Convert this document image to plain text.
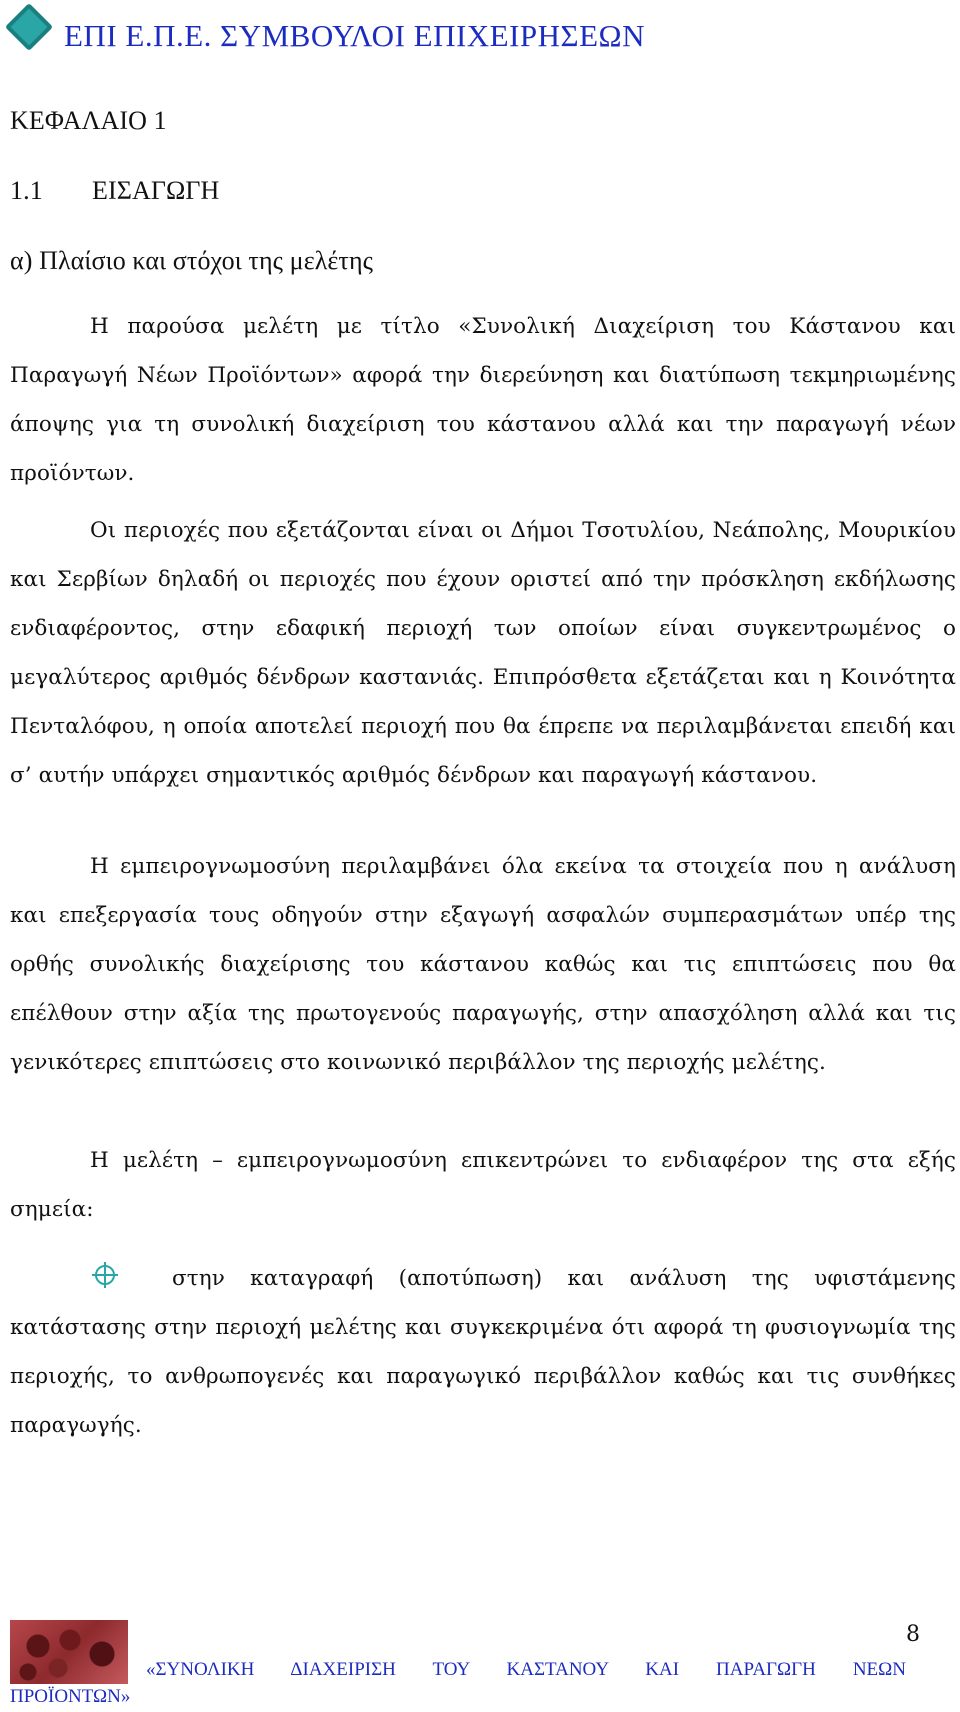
ΕΠΙ Ε.Π.Ε. ΣΥΜΒΟΥΛΟΙ ΕΠΙΧΕΙΡΗΣΕΩΝ
ΚΕΦΑΛΑΙΟ 1
1.1 ΕΙΣΑΓΩΓΗ
α) Πλαίσιο και στόχοι της μελέτης
Η παρούσα μελέτη με τίτλο «Συνολική Διαχείριση του Κάστανου και Παραγωγή Νέων Προϊόντων» αφορά την διερεύνηση και διατύπωση τεκμηριωμένης άποψης για τη συνολική διαχείριση του κάστανου αλλά και την παραγωγή νέων προϊόντων.
Οι περιοχές που εξετάζονται είναι οι Δήμοι Τσοτυλίου, Νεάπολης, Μουρικίου και Σερβίων δηλαδή οι περιοχές που έχουν οριστεί από την πρόσκληση εκδήλωσης ενδιαφέροντος, στην εδαφική περιοχή των οποίων είναι συγκεντρωμένος ο μεγαλύτερος αριθμός δένδρων καστανιάς. Επιπρόσθετα εξετάζεται και η Κοινότητα Πενταλόφου, η οποία αποτελεί περιοχή που θα έπρεπε να περιλαμβάνεται επειδή και σ’ αυτήν υπάρχει σημαντικός αριθμός δένδρων και παραγωγή κάστανου.
Η εμπειρογνωμοσύνη περιλαμβάνει όλα εκείνα τα στοιχεία που η ανάλυση και επεξεργασία τους οδηγούν στην εξαγωγή ασφαλών συμπερασμάτων υπέρ της ορθής συνολικής διαχείρισης του κάστανου καθώς και τις επιπτώσεις που θα επέλθουν στην αξία της πρωτογενούς παραγωγής, στην απασχόληση αλλά και τις γενικότερες επιπτώσεις στο κοινωνικό περιβάλλον της περιοχής μελέτης.
Η μελέτη – εμπειρογνωμοσύνη επικεντρώνει το ενδιαφέρον της στα εξής σημεία:
στην καταγραφή (αποτύπωση) και ανάλυση της υφιστάμενης κατάστασης στην περιοχή μελέτης και συγκεκριμένα ότι αφορά τη φυσιογνωμία της περιοχής, το ανθρωπογενές και παραγωγικό περιβάλλον καθώς και τις συνθήκες παραγωγής.
8
«ΣΥΝΟΛΙΚΗ ΔΙΑΧΕΙΡΙΣΗ ΤΟΥ ΚΑΣΤΑΝΟΥ ΚΑΙ ΠΑΡΑΓΩΓΗ ΝΕΩΝ
ΠΡΟΪΟΝΤΩΝ»
